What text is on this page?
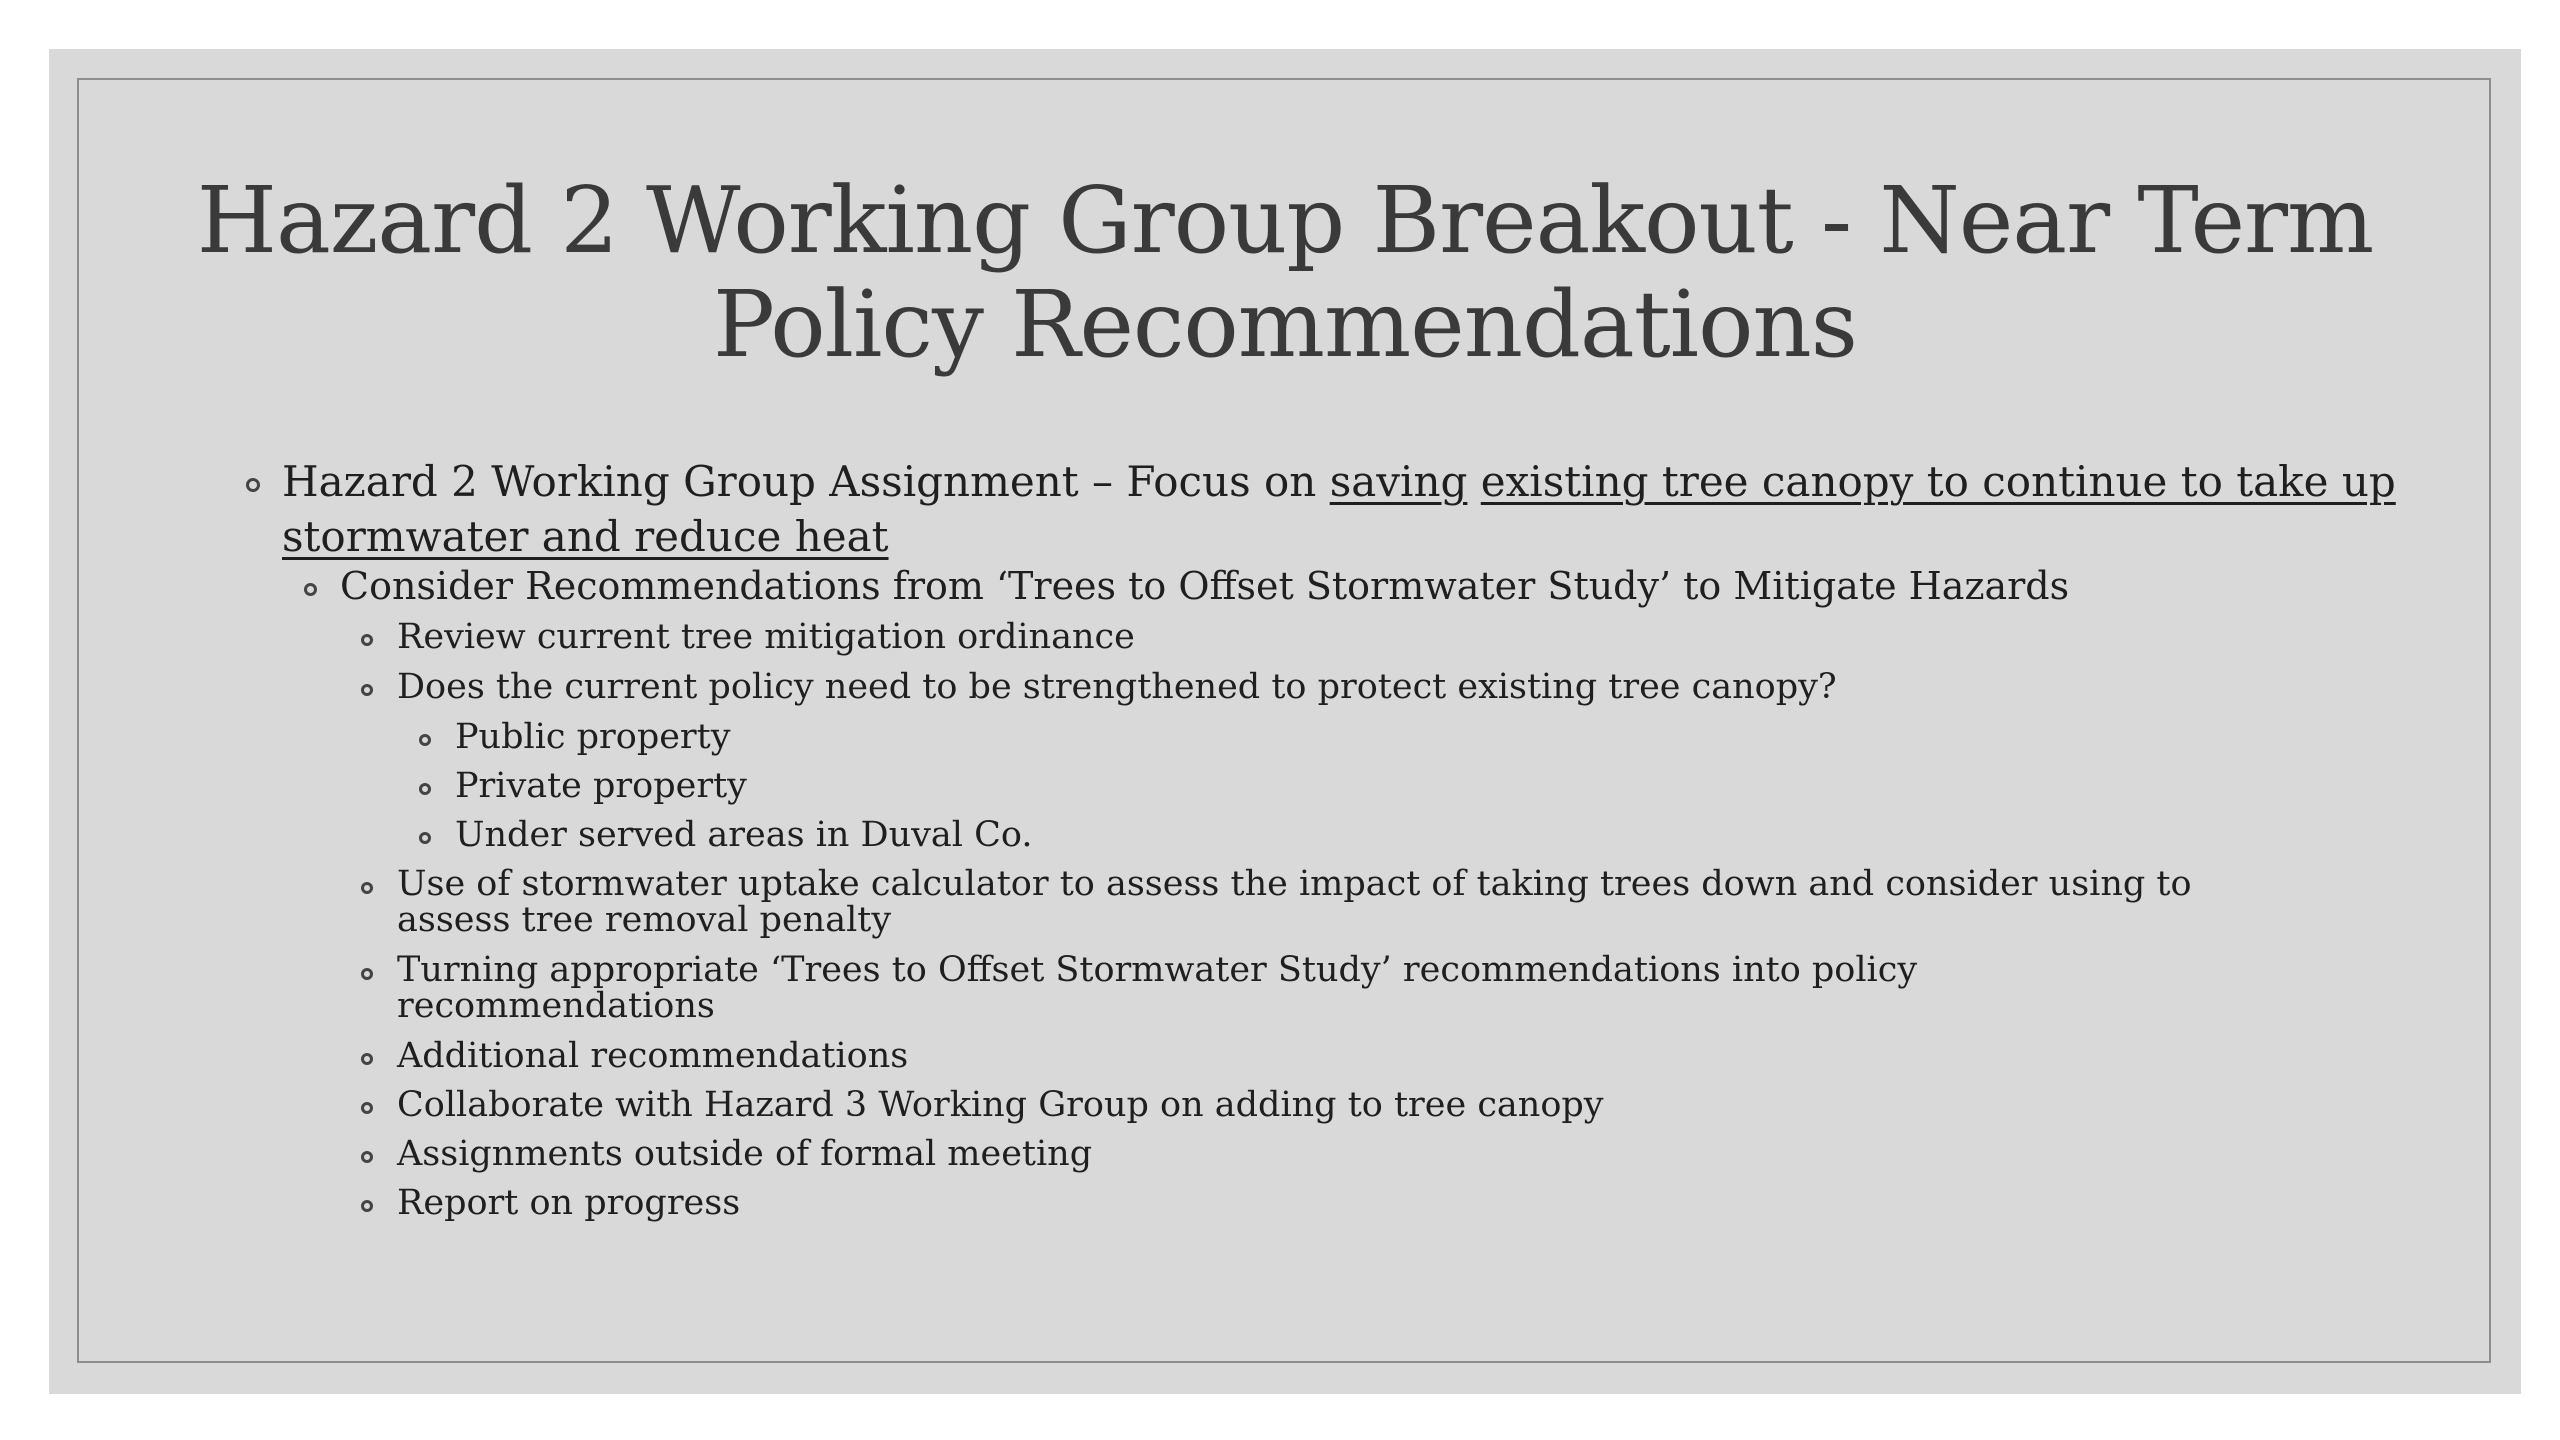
Hazard 2 Working Group Breakout - Near Term Policy Recommendations

Hazard 2 Working Group Assignment – Focus on saving existing tree canopy to continue to take up stormwater and reduce heat

Consider Recommendations from ‘Trees to Offset Stormwater Study’ to Mitigate Hazards

Review current tree mitigation ordinance

Does the current policy need to be strengthened to protect existing tree canopy?

Public property

Private property

Under served areas in Duval Co.

Use of stormwater uptake calculator to assess the impact of taking trees down and consider using to assess tree removal penalty

Turning appropriate ‘Trees to Offset Stormwater Study’ recommendations into policy recommendations

Additional recommendations

Collaborate with Hazard 3 Working Group on adding to tree canopy

Assignments outside of formal meeting

Report on progress
